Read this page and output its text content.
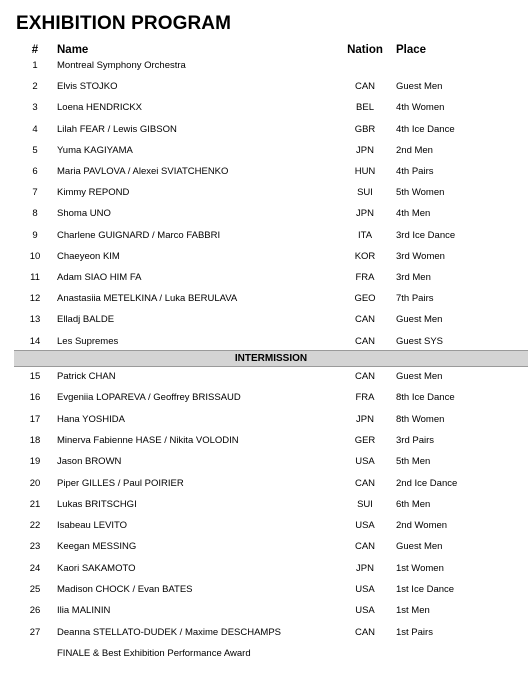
EXHIBITION PROGRAM
#	Name	Nation Place
1	Montreal Symphony Orchestra
2	Elvis STOJKO	CAN	Guest Men
3	Loena HENDRICKX	BEL	4th Women
4	Lilah FEAR / Lewis GIBSON	GBR	4th Ice Dance
5	Yuma KAGIYAMA	JPN	2nd Men
6	Maria PAVLOVA / Alexei SVIATCHENKO	HUN	4th Pairs
7	Kimmy REPOND	SUI	5th Women
8	Shoma UNO	JPN	4th Men
9	Charlene GUIGNARD / Marco FABBRI	ITA	3rd Ice Dance
10	Chaeyeon KIM	KOR	3rd Women
11	Adam SIAO HIM FA	FRA	3rd Men
12	Anastasiia METELKINA / Luka BERULAVA	GEO	7th Pairs
13	Elladj BALDE	CAN	Guest Men
14	Les Supremes	CAN	Guest SYS
INTERMISSION
15	Patrick CHAN	CAN	Guest Men
16	Evgeniia LOPAREVA / Geoffrey BRISSAUD	FRA	8th Ice Dance
17	Hana YOSHIDA	JPN	8th Women
18	Minerva Fabienne HASE / Nikita VOLODIN	GER	3rd Pairs
19	Jason BROWN	USA	5th Men
20	Piper GILLES / Paul POIRIER	CAN	2nd Ice Dance
21	Lukas BRITSCHGI	SUI	6th Men
22	Isabeau LEVITO	USA	2nd Women
23	Keegan MESSING	CAN	Guest Men
24	Kaori SAKAMOTO	JPN	1st Women
25	Madison CHOCK / Evan BATES	USA	1st Ice Dance
26	Ilia MALININ	USA	1st Men
27	Deanna STELLATO-DUDEK / Maxime DESCHAMPS	CAN	1st Pairs
FINALE & Best Exhibition Performance Award
